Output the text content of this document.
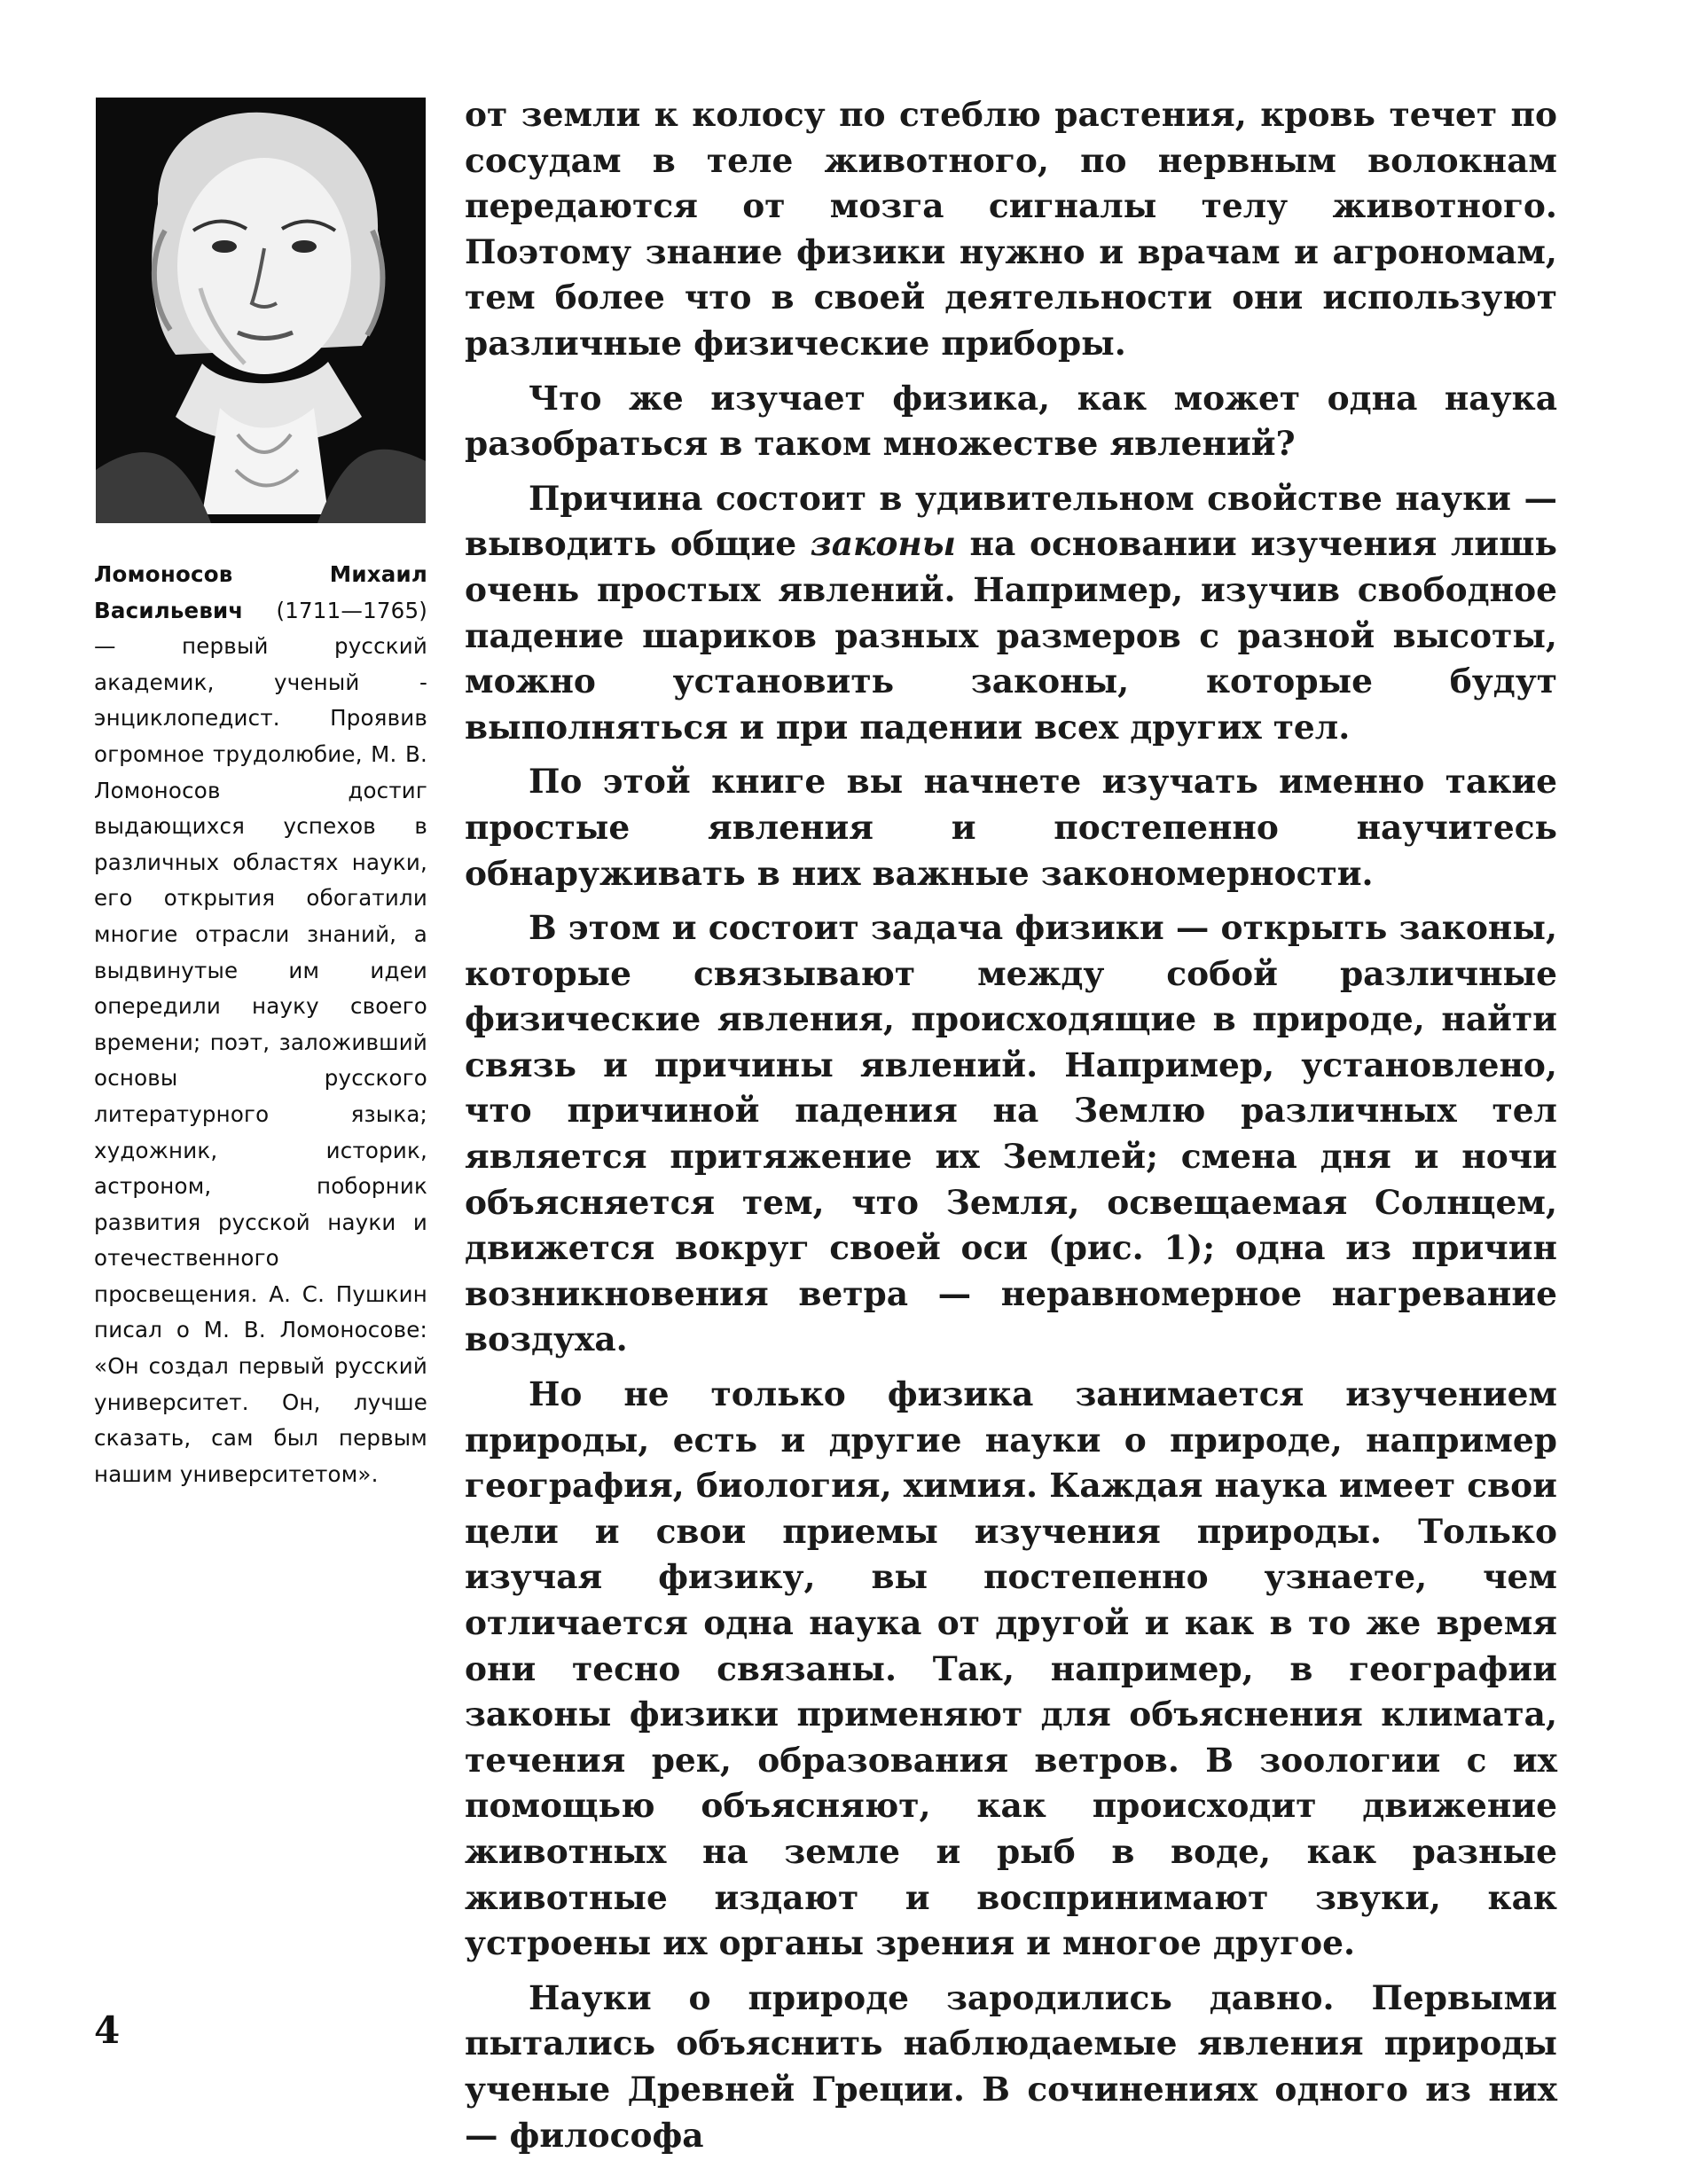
Ломоносов Михаил Васильевич (1711—1765) — первый русский академик, ученый - энциклопедист. Проявив огромное трудолюбие, М. В. Ломоносов достиг выдающихся успехов в различных областях науки, его открытия обогатили многие отрасли знаний, а выдвинутые им идеи опередили науку своего времени; поэт, заложивший основы русского литературного языка; художник, историк, астроном, поборник развития русской науки и отечественного просвещения. А. С. Пушкин писал о М. В. Ломоносове: «Он создал первый русский университет. Он, лучше сказать, сам был первым нашим университетом».

от земли к колосу по стеблю растения, кровь течет по сосудам в теле животного, по нервным волокнам передаются от мозга сигналы телу животного. Поэтому знание физики нужно и врачам и агрономам, тем более что в своей деятельности они используют различные физические приборы.

Что же изучает физика, как может одна наука разобраться в таком множестве явлений?

Причина состоит в удивительном свойстве науки — выводить общие законы на основании изучения лишь очень простых явлений. Например, изучив свободное падение шариков разных размеров с разной высоты, можно установить законы, которые будут выполняться и при падении всех других тел.

По этой книге вы начнете изучать именно такие простые явления и постепенно научитесь обнаруживать в них важные закономерности.

В этом и состоит задача физики — открыть законы, которые связывают между собой различные физические явления, происходящие в природе, найти связь и причины явлений. Например, установлено, что причиной падения на Землю различных тел является притяжение их Землей; смена дня и ночи объясняется тем, что Земля, освещаемая Солнцем, движется вокруг своей оси (рис. 1); одна из причин возникновения ветра — неравномерное нагревание воздуха.

Но не только физика занимается изучением природы, есть и другие науки о природе, например география, биология, химия. Каждая наука имеет свои цели и свои приемы изучения природы. Только изучая физику, вы постепенно узнаете, чем отличается одна наука от другой и как в то же время они тесно связаны. Так, например, в географии законы физики применяют для объяснения климата, течения рек, образования ветров. В зоологии с их помощью объясняют, как происходит движение животных на земле и рыб в воде, как разные животные издают и воспринимают звуки, как устроены их органы зрения и многое другое.

Науки о природе зародились давно. Первыми пытались объяснить наблюдаемые явления природы ученые Древней Греции. В сочинениях одного из них — философа

4
